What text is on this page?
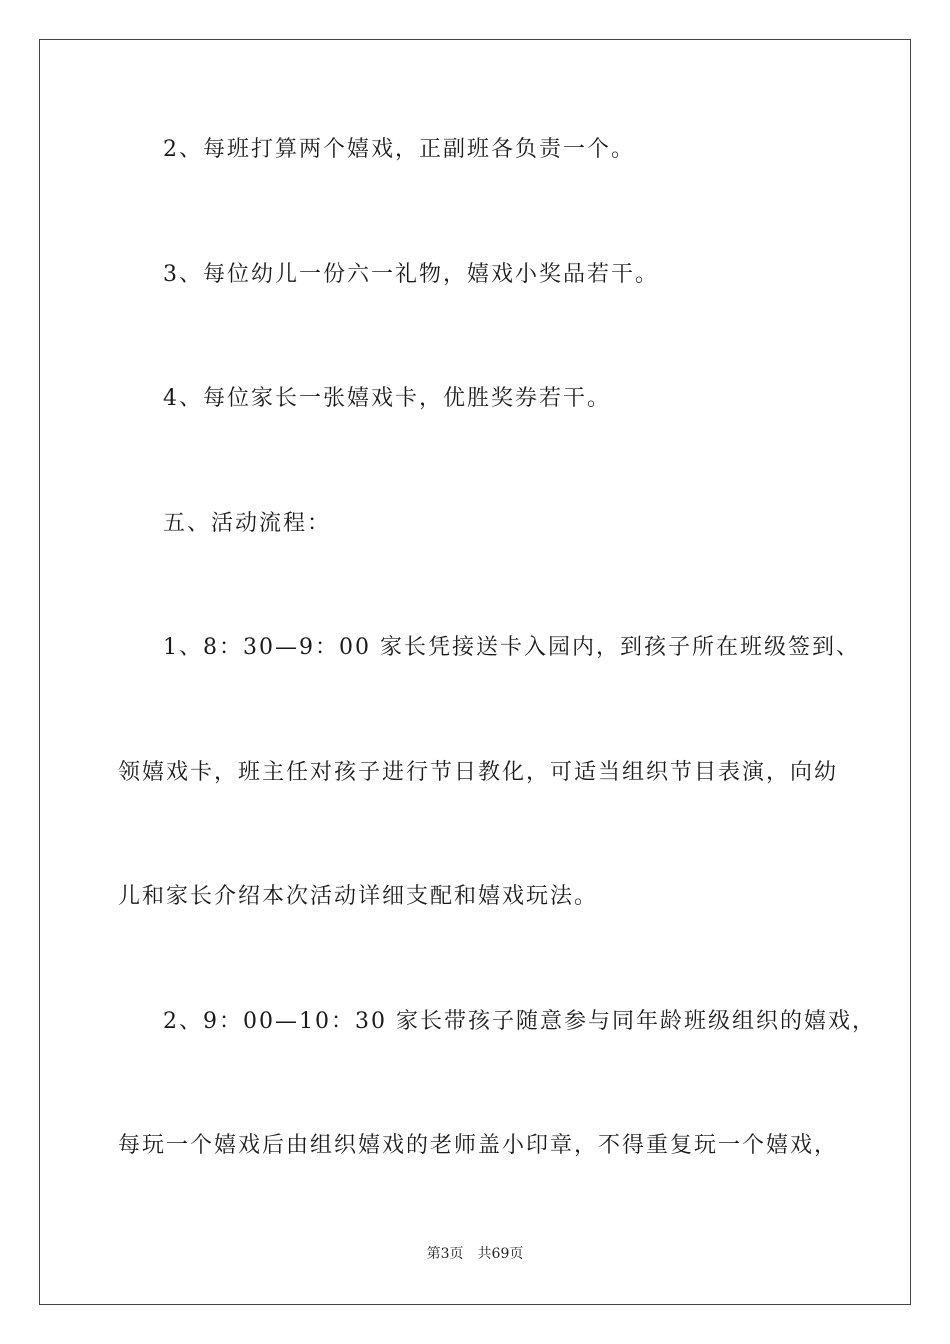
2、每班打算两个嬉戏，正副班各负责一个。
3、每位幼儿一份六一礼物，嬉戏小奖品若干。
4、每位家长一张嬉戏卡，优胜奖券若干。
五、活动流程：
1、8：30—9：00 家长凭接送卡入园内，到孩子所在班级签到、
领嬉戏卡，班主任对孩子进行节日教化，可适当组织节目表演，向幼
儿和家长介绍本次活动详细支配和嬉戏玩法。
2、9：00—10：30 家长带孩子随意参与同年龄班级组织的嬉戏，
每玩一个嬉戏后由组织嬉戏的老师盖小印章，不得重复玩一个嬉戏，
第3页 共69页
